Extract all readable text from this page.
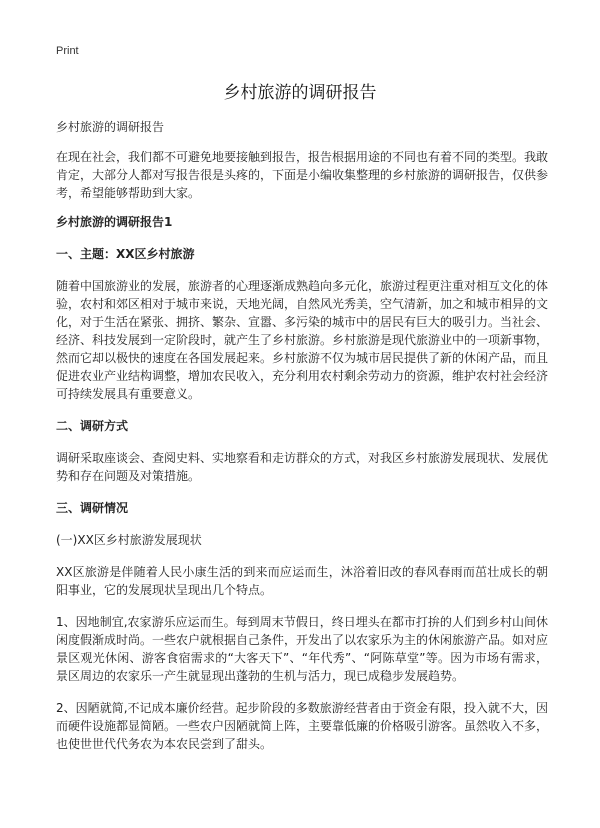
Print
乡村旅游的调研报告

乡村旅游的调研报告

在现在社会，我们都不可避免地要接触到报告，报告根据用途的不同也有着不同的类型。我敢肯定，大部分人都对写报告很是头疼的，下面是小编收集整理的乡村旅游的调研报告，仅供参考，希望能够帮助到大家。

乡村旅游的调研报告1

一、主题：XX区乡村旅游

随着中国旅游业的发展，旅游者的心理逐渐成熟趋向多元化，旅游过程更注重对相互文化的体验，农村和郊区相对于城市来说，天地光阔，自然风光秀美，空气清新，加之和城市相异的文化，对于生活在紧张、拥挤、繁杂、宣嚣、多污染的城市中的居民有巨大的吸引力。当社会、经济、科技发展到一定阶段时，就产生了乡村旅游。乡村旅游是现代旅游业中的一项新事物，然而它却以极快的速度在各国发展起来。乡村旅游不仅为城市居民提供了新的休闲产品，而且促进农业产业结构调整，增加农民收入，充分利用农村剩余劳动力的资源，维护农村社会经济可持续发展具有重要意义。

二、调研方式

调研采取座谈会、查阅史料、实地察看和走访群众的方式，对我区乡村旅游发展现状、发展优势和存在问题及对策措施。

三、调研情况

(一)XX区乡村旅游发展现状

XX区旅游是伴随着人民小康生活的到来而应运而生，沐浴着旧改的春风春雨而茁壮成长的朝阳事业，它的发展现状呈现出几个特点。

1、因地制宜,农家游乐应运而生。每到周末节假日，终日埋头在都市打拚的人们到乡村山间休闲度假渐成时尚。一些农户就根据自己条件，开发出了以农家乐为主的休闲旅游产品。如对应景区观光休闲、游客食宿需求的“大客天下”、“年代秀”、“阿陈草堂”等。因为市场有需求，景区周边的农家乐一产生就显现出蓬勃的生机与活力，现已成稳步发展趋势。

2、因陋就简,不记成本廉价经营。起步阶段的多数旅游经营者由于资金有限，投入就不大，因而硬件设施都显简陋。一些农户因陋就简上阵，主要靠低廉的价格吸引游客。虽然收入不多，也使世世代代务农为本农民尝到了甜头。
